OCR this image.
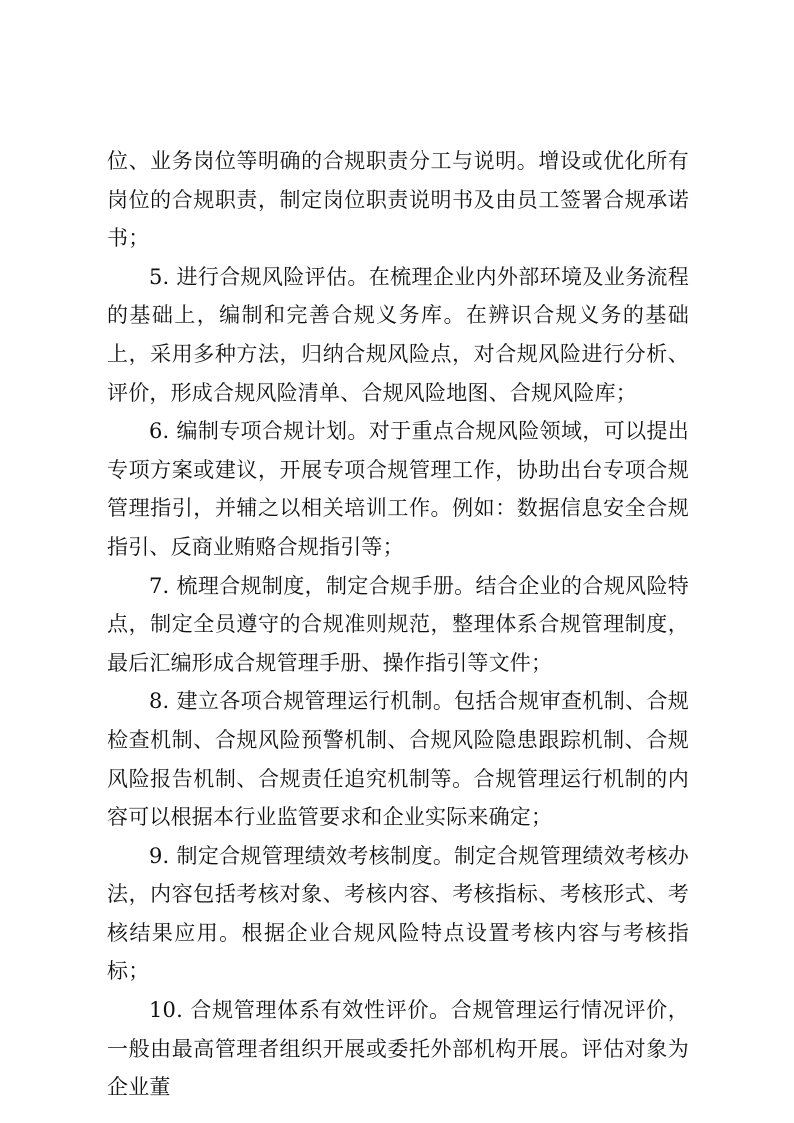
位、业务岗位等明确的合规职责分工与说明。增设或优化所有岗位的合规职责，制定岗位职责说明书及由员工签署合规承诺书；

5. 进行合规风险评估。在梳理企业内外部环境及业务流程的基础上，编制和完善合规义务库。在辨识合规义务的基础上，采用多种方法，归纳合规风险点，对合规风险进行分析、评价，形成合规风险清单、合规风险地图、合规风险库；

6. 编制专项合规计划。对于重点合规风险领域，可以提出专项方案或建议，开展专项合规管理工作，协助出台专项合规管理指引，并辅之以相关培训工作。例如：数据信息安全合规指引、反商业贿赂合规指引等；

7. 梳理合规制度，制定合规手册。结合企业的合规风险特点，制定全员遵守的合规准则规范，整理体系合规管理制度，最后汇编形成合规管理手册、操作指引等文件；

8. 建立各项合规管理运行机制。包括合规审查机制、合规检查机制、合规风险预警机制、合规风险隐患跟踪机制、合规风险报告机制、合规责任追究机制等。合规管理运行机制的内容可以根据本行业监管要求和企业实际来确定；

9. 制定合规管理绩效考核制度。制定合规管理绩效考核办法，内容包括考核对象、考核内容、考核指标、考核形式、考核结果应用。根据企业合规风险特点设置考核内容与考核指标；

10. 合规管理体系有效性评价。合规管理运行情况评价，一般由最高管理者组织开展或委托外部机构开展。评估对象为企业董
